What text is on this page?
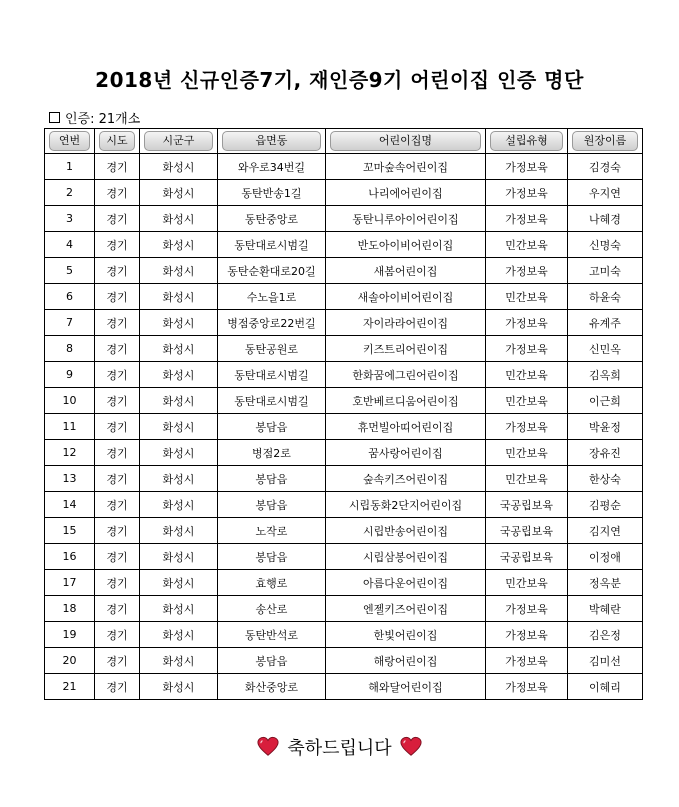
2018년 신규인증7기, 재인증9기 어린이집 인증 명단
인증: 21개소
연번	시도	시군구	읍면동	어린이집명	설립유형	원장이름
1	경기	화성시	와우로34번길	꼬마숲속어린이집	가정보육	김경숙
2	경기	화성시	동탄반송1길	나리에어린이집	가정보육	우지연
3	경기	화성시	동탄중앙로	동탄니루아이어린이집	가정보육	나혜경
4	경기	화성시	동탄대로시범길	반도아이비어린이집	민간보육	신명숙
5	경기	화성시	동탄순환대로20길	새봄어린이집	가정보육	고미숙
6	경기	화성시	수노을1로	새솔아이비어린이집	민간보육	하윤숙
7	경기	화성시	병점중앙로22번길	자이라라어린이집	가정보육	유계주
8	경기	화성시	동탄공원로	키즈트리어린이집	가정보육	신민옥
9	경기	화성시	동탄대로시범길	한화꿈에그린어린이집	민간보육	김옥희
10	경기	화성시	동탄대로시범길	호반베르디움어린이집	민간보육	이근희
11	경기	화성시	봉담읍	휴먼빌아띠어린이집	가정보육	박윤정
12	경기	화성시	병점2로	꿈사랑어린이집	민간보육	장유진
13	경기	화성시	봉담읍	숲속키즈어린이집	민간보육	한상숙
14	경기	화성시	봉담읍	시립동화2단지어린이집	국공립보육	김평순
15	경기	화성시	노작로	시립반송어린이집	국공립보육	김지연
16	경기	화성시	봉담읍	시립삼봉어린이집	국공립보육	이정애
17	경기	화성시	효행로	아름다운어린이집	민간보육	정옥분
18	경기	화성시	송산로	엔젤키즈어린이집	가정보육	박혜란
19	경기	화성시	동탄반석로	한빛어린이집	가정보육	김은정
20	경기	화성시	봉담읍	해랑어린이집	가정보육	김미선
21	경기	화성시	화산중앙로	해와달어린이집	가정보육	이혜리
축하드립니다
